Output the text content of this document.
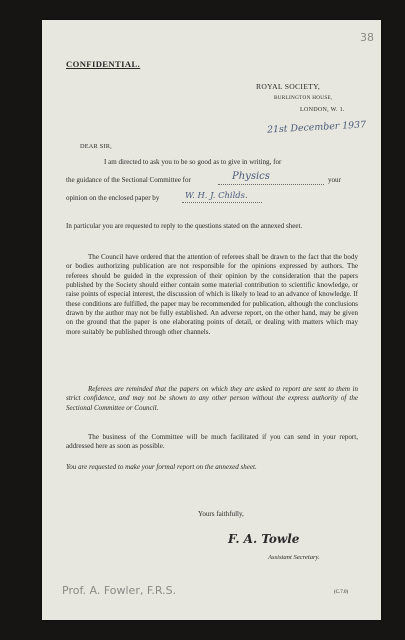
38
CONFIDENTIAL.
ROYAL SOCIETY,
BURLINGTON HOUSE,
LONDON, W. 1.
21st December 1937
DEAR SIR,
I am directed to ask you to be so good as to give in writing, for
the guidance of the Sectional Committee for	Physics	your
opinion on the enclosed paper by	W. H. J. Childs.
In particular you are requested to reply to the questions stated on the annexed sheet.
The Council have ordered that the attention of referees shall be drawn to the fact that the body or bodies authorizing publication are not responsible for the opinions expressed by authors. The referees should be guided in the expression of their opinion by the consideration that the papers published by the Society should either contain some material contribution to scientific knowledge, or raise points of especial interest, the discussion of which is likely to lead to an advance of knowledge. If these conditions are fulfilled, the paper may be recommended for publication, although the conclusions drawn by the author may not be fully established. An adverse report, on the other hand, may be given on the ground that the paper is one elaborating points of detail, or dealing with matters which may more suitably be published through other channels.
Referees are reminded that the papers on which they are asked to report are sent to them in strict confidence, and may not be shown to any other person without the express authority of the Sectional Committee or Council.
The business of the Committee will be much facilitated if you can send in your report, addressed here as soon as possible.
You are requested to make your formal report on the annexed sheet.
Yours faithfully,
F. A. Towle
Assistant Secretary.
Prof. A. Fowler, F.R.S.	(C.7.0)
